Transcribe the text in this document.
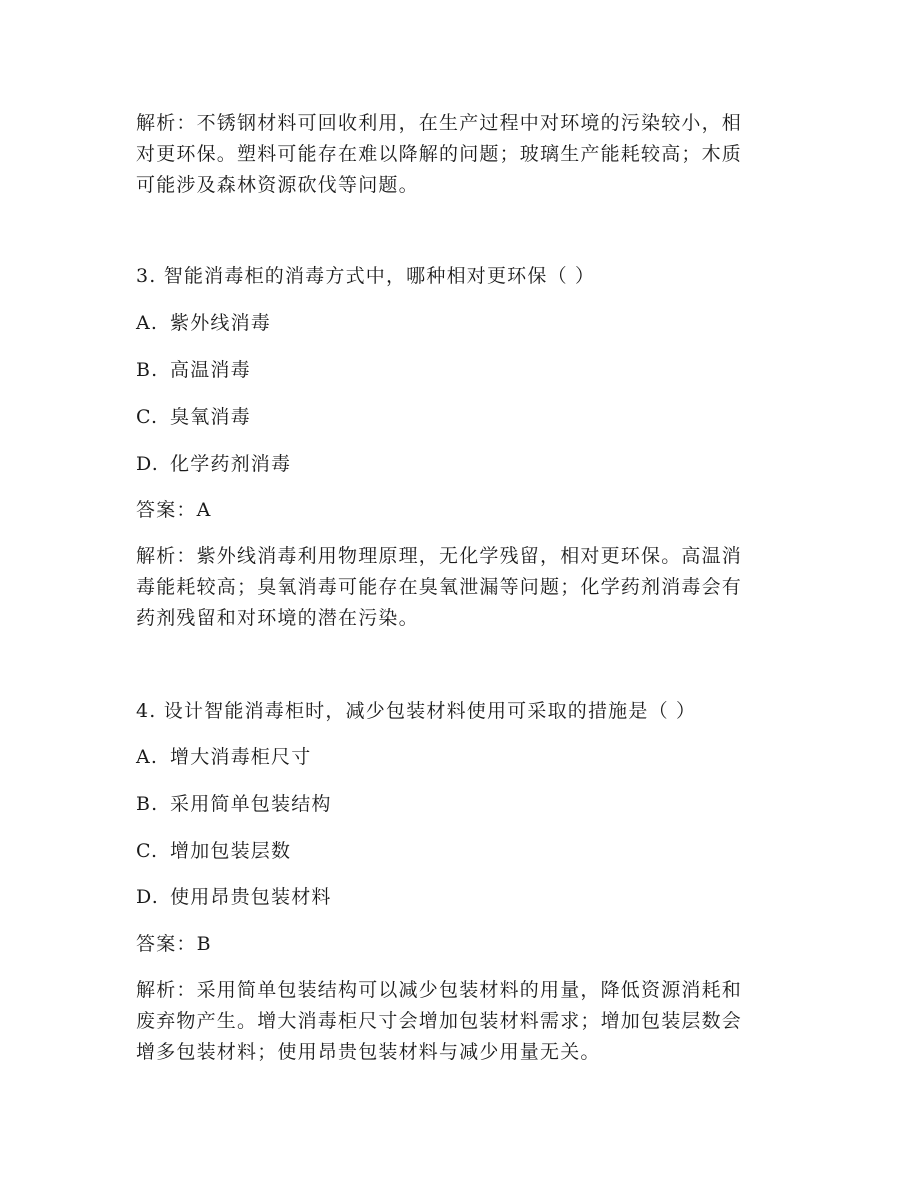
解析：不锈钢材料可回收利用，在生产过程中对环境的污染较小，相
对更环保。塑料可能存在难以降解的问题；玻璃生产能耗较高；木质
可能涉及森林资源砍伐等问题。
3. 智能消毒柜的消毒方式中，哪种相对更环保（ ）
A. 紫外线消毒
B. 高温消毒
C. 臭氧消毒
D. 化学药剂消毒
答案：A
解析：紫外线消毒利用物理原理，无化学残留，相对更环保。高温消
毒能耗较高；臭氧消毒可能存在臭氧泄漏等问题；化学药剂消毒会有
药剂残留和对环境的潜在污染。
4. 设计智能消毒柜时，减少包装材料使用可采取的措施是（ ）
A. 增大消毒柜尺寸
B. 采用简单包装结构
C. 增加包装层数
D. 使用昂贵包装材料
答案：B
解析：采用简单包装结构可以减少包装材料的用量，降低资源消耗和
废弃物产生。增大消毒柜尺寸会增加包装材料需求；增加包装层数会
增多包装材料；使用昂贵包装材料与减少用量无关。
